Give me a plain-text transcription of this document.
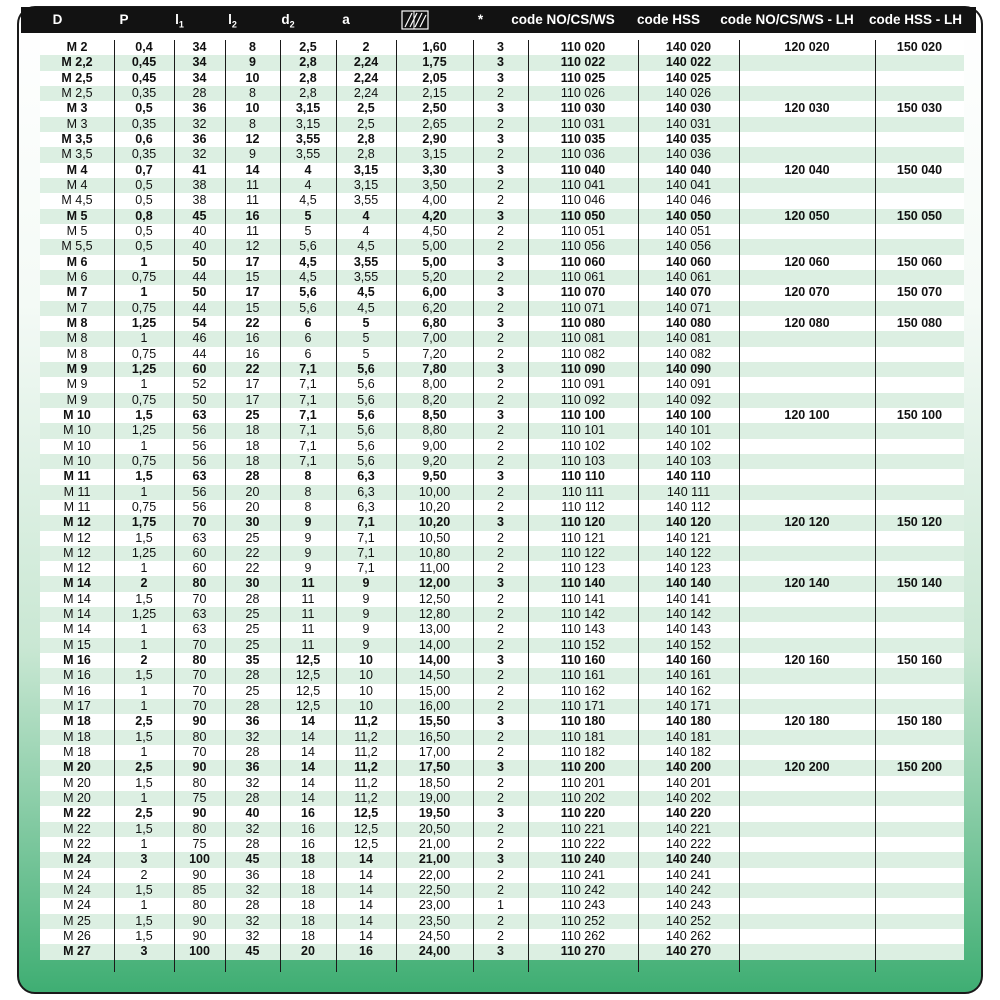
D	P	$l_1$	$l_2$	$d_2$	a	*	code NO/CS/WS	code HSS	code NO/CS/WS - LH	code HSS - LH
M 2	0,4	34	8	2,5	2	1,60	3	110 020	140 020	120 020	150 020
M 2,2	0,45	34	9	2,8	2,24	1,75	3	110 022	140 022
M 2,5	0,45	34	10	2,8	2,24	2,05	3	110 025	140 025
M 2,5	0,35	28	8	2,8	2,24	2,15	2	110 026	140 026
M 3	0,5	36	10	3,15	2,5	2,50	3	110 030	140 030	120 030	150 030
M 3	0,35	32	8	3,15	2,5	2,65	2	110 031	140 031
M 3,5	0,6	36	12	3,55	2,8	2,90	3	110 035	140 035
M 3,5	0,35	32	9	3,55	2,8	3,15	2	110 036	140 036
M 4	0,7	41	14	4	3,15	3,30	3	110 040	140 040	120 040	150 040
M 4	0,5	38	11	4	3,15	3,50	2	110 041	140 041
M 4,5	0,5	38	11	4,5	3,55	4,00	2	110 046	140 046
M 5	0,8	45	16	5	4	4,20	3	110 050	140 050	120 050	150 050
M 5	0,5	40	11	5	4	4,50	2	110 051	140 051
M 5,5	0,5	40	12	5,6	4,5	5,00	2	110 056	140 056
M 6	1	50	17	4,5	3,55	5,00	3	110 060	140 060	120 060	150 060
M 6	0,75	44	15	4,5	3,55	5,20	2	110 061	140 061
M 7	1	50	17	5,6	4,5	6,00	3	110 070	140 070	120 070	150 070
M 7	0,75	44	15	5,6	4,5	6,20	2	110 071	140 071
M 8	1,25	54	22	6	5	6,80	3	110 080	140 080	120 080	150 080
M 8	1	46	16	6	5	7,00	2	110 081	140 081
M 8	0,75	44	16	6	5	7,20	2	110 082	140 082
M 9	1,25	60	22	7,1	5,6	7,80	3	110 090	140 090
M 9	1	52	17	7,1	5,6	8,00	2	110 091	140 091
M 9	0,75	50	17	7,1	5,6	8,20	2	110 092	140 092
M 10	1,5	63	25	7,1	5,6	8,50	3	110 100	140 100	120 100	150 100
M 10	1,25	56	18	7,1	5,6	8,80	2	110 101	140 101
M 10	1	56	18	7,1	5,6	9,00	2	110 102	140 102
M 10	0,75	56	18	7,1	5,6	9,20	2	110 103	140 103
M 11	1,5	63	28	8	6,3	9,50	3	110 110	140 110
M 11	1	56	20	8	6,3	10,00	2	110 111	140 111
M 11	0,75	56	20	8	6,3	10,20	2	110 112	140 112
M 12	1,75	70	30	9	7,1	10,20	3	110 120	140 120	120 120	150 120
M 12	1,5	63	25	9	7,1	10,50	2	110 121	140 121
M 12	1,25	60	22	9	7,1	10,80	2	110 122	140 122
M 12	1	60	22	9	7,1	11,00	2	110 123	140 123
M 14	2	80	30	11	9	12,00	3	110 140	140 140	120 140	150 140
M 14	1,5	70	28	11	9	12,50	2	110 141	140 141
M 14	1,25	63	25	11	9	12,80	2	110 142	140 142
M 14	1	63	25	11	9	13,00	2	110 143	140 143
M 15	1	70	25	11	9	14,00	2	110 152	140 152
M 16	2	80	35	12,5	10	14,00	3	110 160	140 160	120 160	150 160
M 16	1,5	70	28	12,5	10	14,50	2	110 161	140 161
M 16	1	70	25	12,5	10	15,00	2	110 162	140 162
M 17	1	70	28	12,5	10	16,00	2	110 171	140 171
M 18	2,5	90	36	14	11,2	15,50	3	110 180	140 180	120 180	150 180
M 18	1,5	80	32	14	11,2	16,50	2	110 181	140 181
M 18	1	70	28	14	11,2	17,00	2	110 182	140 182
M 20	2,5	90	36	14	11,2	17,50	3	110 200	140 200	120 200	150 200
M 20	1,5	80	32	14	11,2	18,50	2	110 201	140 201
M 20	1	75	28	14	11,2	19,00	2	110 202	140 202
M 22	2,5	90	40	16	12,5	19,50	3	110 220	140 220
M 22	1,5	80	32	16	12,5	20,50	2	110 221	140 221
M 22	1	75	28	16	12,5	21,00	2	110 222	140 222
M 24	3	100	45	18	14	21,00	3	110 240	140 240
M 24	2	90	36	18	14	22,00	2	110 241	140 241
M 24	1,5	85	32	18	14	22,50	2	110 242	140 242
M 24	1	80	28	18	14	23,00	1	110 243	140 243
M 25	1,5	90	32	18	14	23,50	2	110 252	140 252
M 26	1,5	90	32	18	14	24,50	2	110 262	140 262
M 27	3	100	45	20	16	24,00	3	110 270	140 270
